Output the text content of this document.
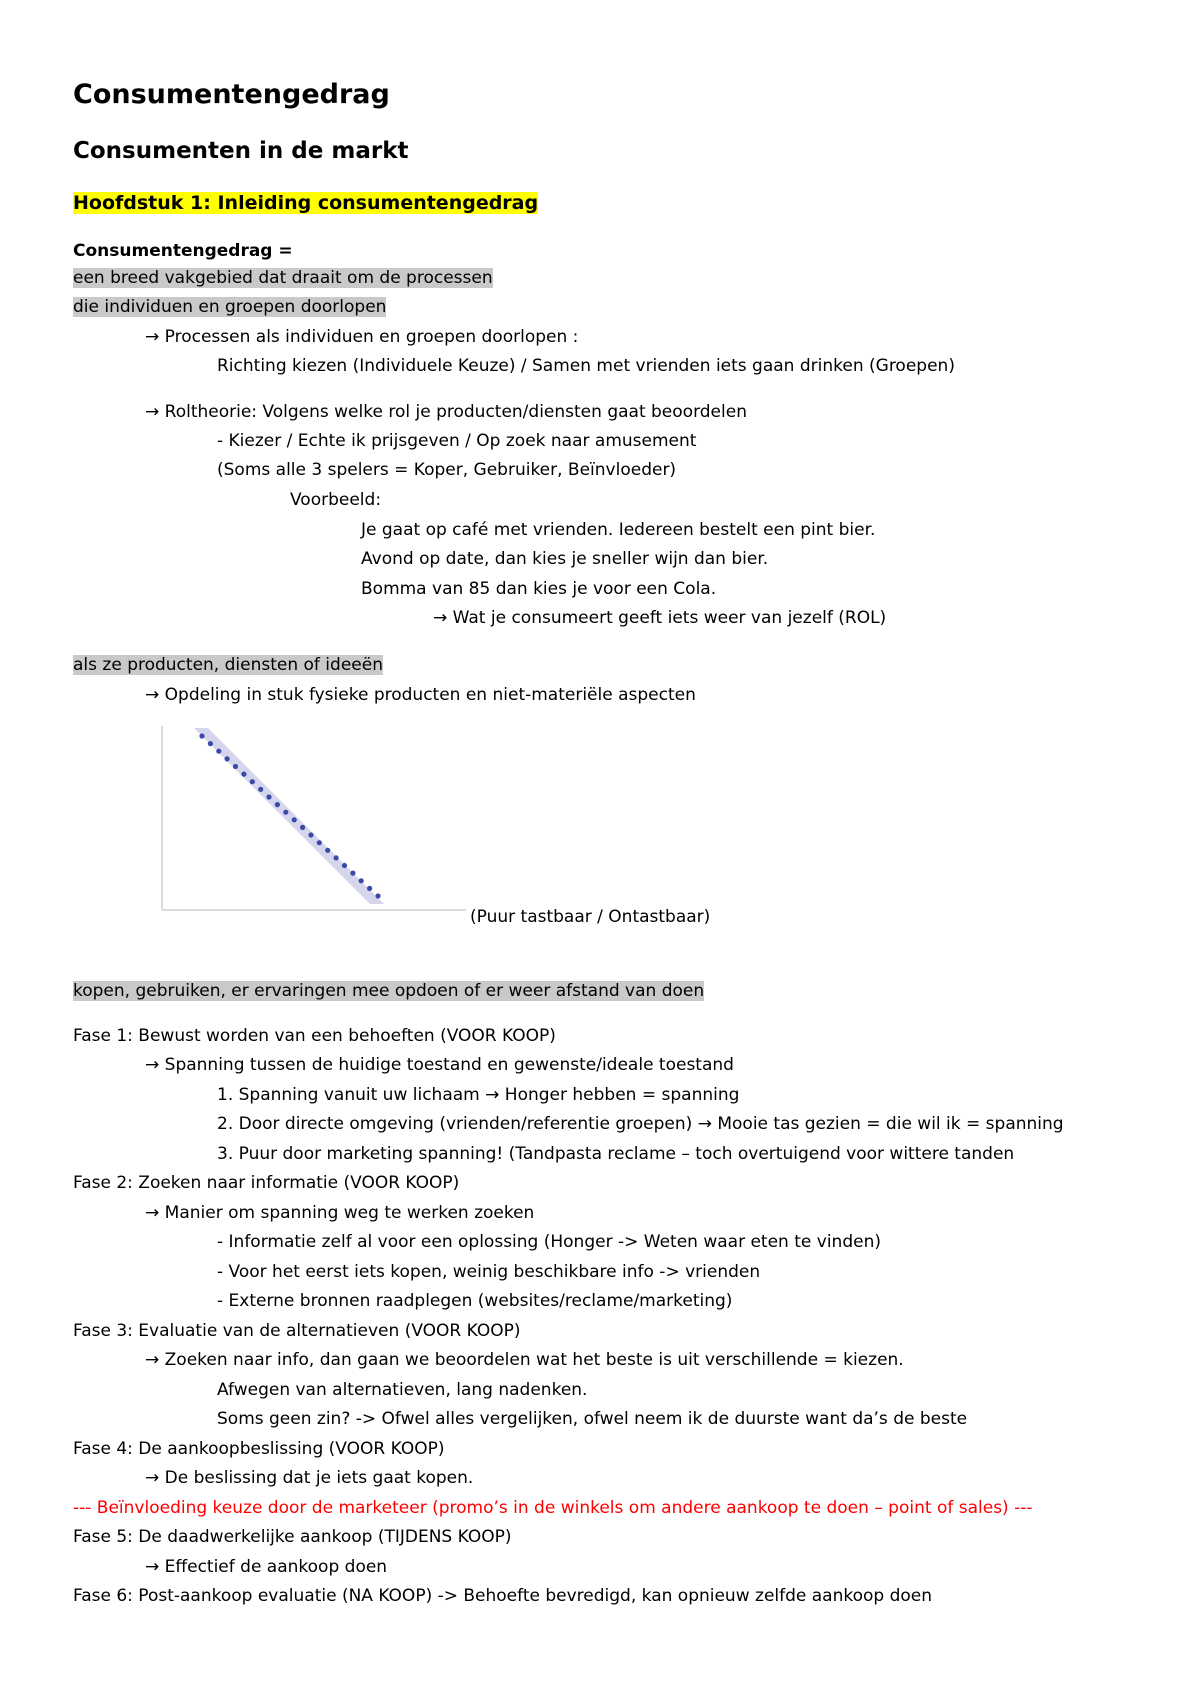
Consumentengedrag
Consumenten in de markt
Hoofdstuk 1: Inleiding consumentengedrag
Consumentengedrag =
een breed vakgebied dat draait om de processen
die individuen en groepen doorlopen
→ Processen als individuen en groepen doorlopen :
Richting kiezen (Individuele Keuze) / Samen met vrienden iets gaan drinken (Groepen)
→ Roltheorie: Volgens welke rol je producten/diensten gaat beoordelen
- Kiezer / Echte ik prijsgeven / Op zoek naar amusement
(Soms alle 3 spelers = Koper, Gebruiker, Beïnvloeder)
Voorbeeld:
Je gaat op café met vrienden. Iedereen bestelt een pint bier.
Avond op date, dan kies je sneller wijn dan bier.
Bomma van 85 dan kies je voor een Cola.
→ Wat je consumeert geeft iets weer van jezelf (ROL)
als ze producten, diensten of ideeën
→ Opdeling in stuk fysieke producten en niet-materiële aspecten
(Puur tastbaar / Ontastbaar)
kopen, gebruiken, er ervaringen mee opdoen of er weer afstand van doen
Fase 1: Bewust worden van een behoeften (VOOR KOOP)
→ Spanning tussen de huidige toestand en gewenste/ideale toestand
1. Spanning vanuit uw lichaam → Honger hebben = spanning
2. Door directe omgeving (vrienden/referentie groepen) → Mooie tas gezien = die wil ik = spanning
3. Puur door marketing spanning! (Tandpasta reclame – toch overtuigend voor wittere tanden
Fase 2: Zoeken naar informatie (VOOR KOOP)
→ Manier om spanning weg te werken zoeken
- Informatie zelf al voor een oplossing (Honger -> Weten waar eten te vinden)
- Voor het eerst iets kopen, weinig beschikbare info -> vrienden
- Externe bronnen raadplegen (websites/reclame/marketing)
Fase 3: Evaluatie van de alternatieven (VOOR KOOP)
→ Zoeken naar info, dan gaan we beoordelen wat het beste is uit verschillende = kiezen.
Afwegen van alternatieven, lang nadenken.
Soms geen zin? -> Ofwel alles vergelijken, ofwel neem ik de duurste want da’s de beste
Fase 4: De aankoopbeslissing (VOOR KOOP)
→ De beslissing dat je iets gaat kopen.
--- Beïnvloeding keuze door de marketeer (promo’s in de winkels om andere aankoop te doen – point of sales) ---
Fase 5: De daadwerkelijke aankoop (TIJDENS KOOP)
→ Effectief de aankoop doen
Fase 6: Post-aankoop evaluatie (NA KOOP) -> Behoefte bevredigd, kan opnieuw zelfde aankoop doen
